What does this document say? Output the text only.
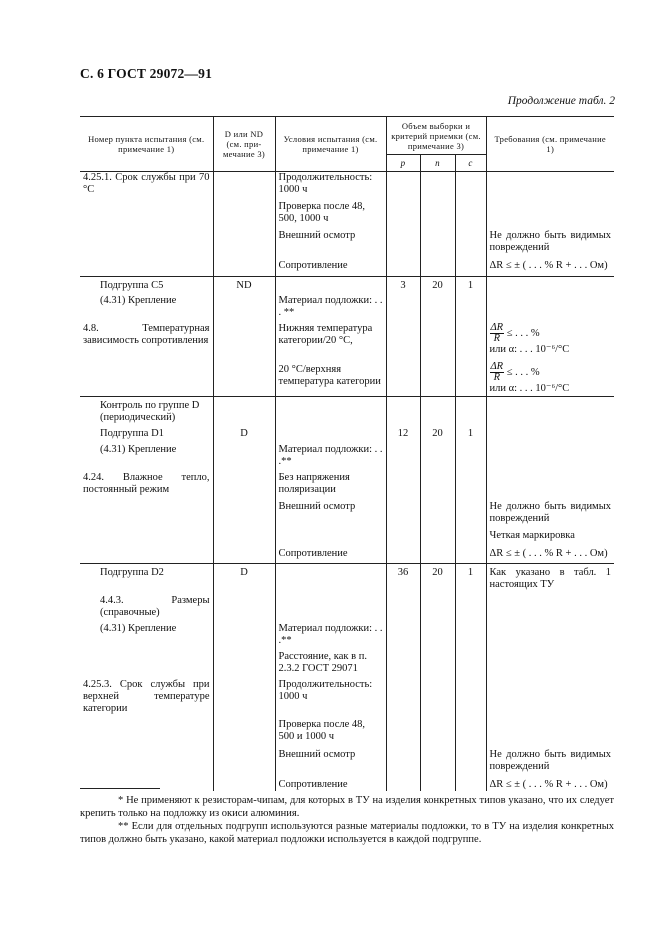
С. 6 ГОСТ 29072—91
Продолжение табл. 2
Номер пункта испытания (см. примечание 1)	D или ND (см. при- мечание 3)	Условия испытания (см. примечание 1)	Объем выборки и критерий приемки (см. примечание 3)			Требования (см. примечание 1)
			p	n	c	
4.25.1. Срок службы при 70 °С		Продолжительность: 1000 ч				
		Проверка после 48, 500, 1000 ч				
		Внешний осмотр				Не должно быть видимых повреждений
		Сопротивление				ΔR ≤ ± ( . . . % R + . . . Ом)
Подгруппа С5	ND		3	20	1	
(4.31) Крепление		Материал подложки: . . . **				
4.8. Температурная зависимость сопротивления		Нижняя температура категории/20 °С,				$\frac{\Delta R}{R}$ ≤ . . . %
или α: . . . 10⁻⁶/°С
		20 °С/верхняя температура категории				$\frac{\Delta R}{R}$ ≤ . . . %
или α: . . . 10⁻⁶/°С
Контроль по группе D (периодический)						
Подгруппа D1	D		12	20	1	
(4.31) Крепление		Материал подложки: . . .**				
4.24. Влажное тепло, постоянный режим		Без напряжения поляризации				
		Внешний осмотр				Не должно быть видимых повреждений
						Четкая маркировка
		Сопротивление				ΔR ≤ ± ( . . . % R + . . . Ом)
Подгруппа D2	D		36	20	1	Как указано в табл. 1 настоящих ТУ
4.4.3. Размеры (справочные)						
(4.31) Крепление		Материал подложки: . . .**				
		Расстояние, как в п. 2.3.2 ГОСТ 29071				
4.25.3. Срок службы при верхней температуре категории		Продолжительность: 1000 ч				
		Проверка после 48, 500 и 1000 ч				
		Внешний осмотр				Не должно быть видимых повреждений
		Сопротивление				ΔR ≤ ± ( . . . % R + . . . Ом)

* Не применяют к резисторам-чипам, для которых в ТУ на изделия конкретных типов указано, что их следует крепить только на подложку из окиси алюминия.

** Если для отдельных подгрупп используются разные материалы подложки, то в ТУ на изделия конкретных типов должно быть указано, какой материал подложки используется в каждой подгруппе.
